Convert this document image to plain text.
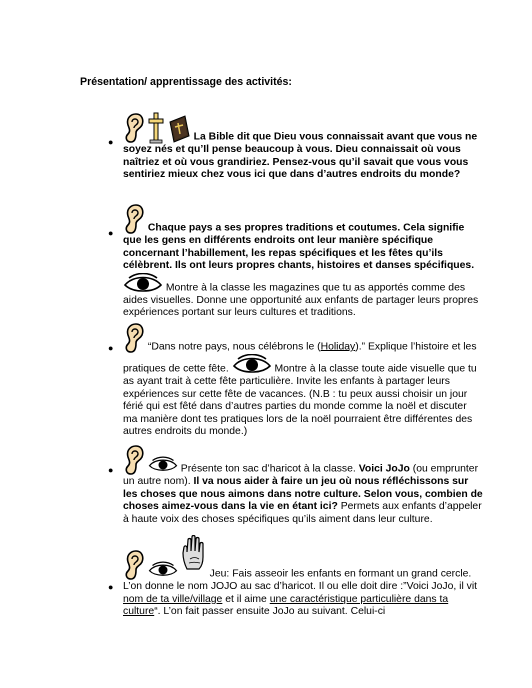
Présentation/ apprentissage des activités:
●	La Bible dit que Dieu vous connaissait avant que vous ne soyez nés et qu’Il pense beaucoup à vous. Dieu connaissait où vous naîtriez et où vous grandiriez. Pensez-vous qu’il savait que vous vous sentiriez mieux chez vous ici que dans d’autres endroits du monde?
●	Chaque pays a ses propres traditions et coutumes. Cela signifie que les gens en différents endroits ont leur manière spécifique concernant l’habillement, les repas spécifiques et les fêtes qu’ils célèbrent. Ils ont leurs propres chants, histoires et danses spécifiques.  Montre à la classe les magazines que tu as apportés comme des aides visuelles. Donne une opportunité aux enfants de partager leurs propres expériences portant sur leurs cultures et traditions.
●	“Dans notre pays, nous célébrons le (Holiday).” Explique l’histoire et les pratiques de cette fête.	Montre à la classe toute aide visuelle que tu as ayant trait à cette fête particulière. Invite les enfants à partager leurs expériences sur cette fête de vacances. (N.B : tu peux aussi choisir un jour férié qui est fêté dans d’autres parties du monde comme la noël et discuter ma manière dont tes pratiques lors de la noël pourraient être différentes des autres endroits du monde.)
●	Présente ton sac d’haricot à la classe. Voici JoJo (ou emprunter un autre nom). Il va nous aider à faire un jeu où nous réfléchissons sur les choses que nous aimons dans notre culture. Selon vous, combien de choses aimez-vous dans la vie en étant ici? Permets aux enfants d’appeler à haute voix des choses spécifiques qu’ils aiment dans leur culture.
●
Jeu: Fais asseoir les enfants en formant un grand cercle. L’on donne le nom JOJO au sac d’haricot. Il ou elle doit dire :”Voici JoJo, il vit nom de ta ville/village et il aime une caractéristique particulière dans ta culture“. L’on fait passer ensuite JoJo au suivant. Celui-ci
